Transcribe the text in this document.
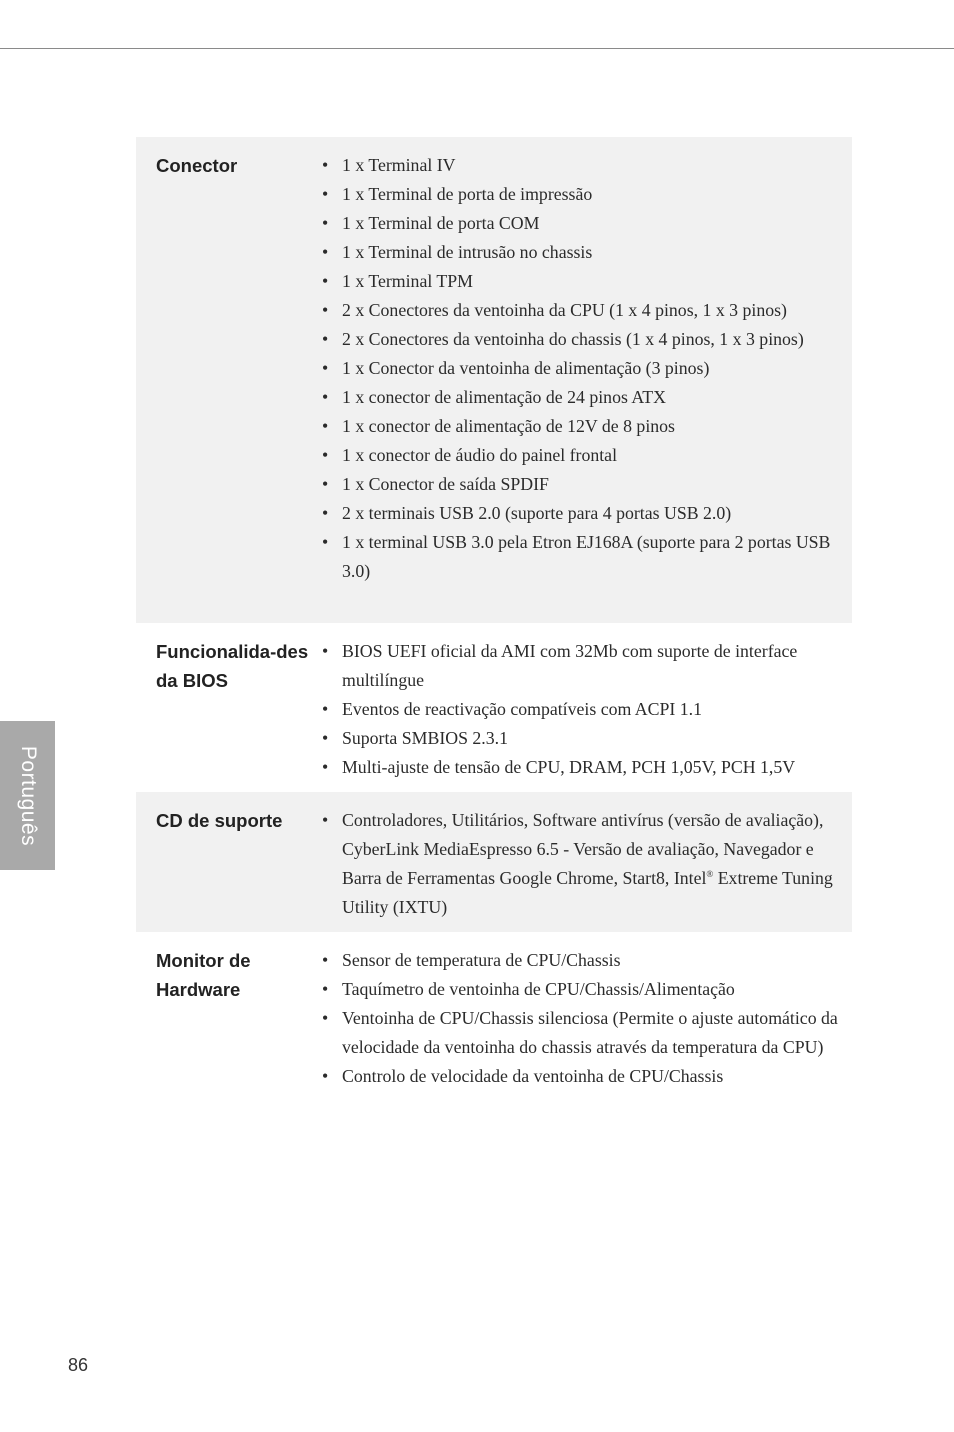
Português
Conector	• 1 x Terminal IV
• 1 x Terminal de porta de impressão
• 1 x Terminal de porta COM
• 1 x Terminal de intrusão no chassis
• 1 x Terminal TPM
• 2 x Conectores da ventoinha da CPU (1 x 4 pinos, 1 x 3 pinos)
• 2 x Conectores da ventoinha do chassis (1 x 4 pinos, 1 x 3 pinos)
• 1 x Conector da ventoinha de alimentação (3 pinos)
• 1 x conector de alimentação de 24 pinos ATX
• 1 x conector de alimentação de 12V de 8 pinos
• 1 x conector de áudio do painel frontal
• 1 x Conector de saída SPDIF
• 2 x terminais USB 2.0 (suporte para 4 portas USB 2.0)
• 1 x terminal USB 3.0 pela Etron EJ168A (suporte para 2 portas USB 3.0)
Funcionalida-des da BIOS
• BIOS UEFI oficial da AMI com 32Mb com suporte de interface multilíngue
• Eventos de reactivação compatíveis com ACPI 1.1
• Suporta SMBIOS 2.3.1
• Multi-ajuste de tensão de CPU, DRAM, PCH 1,05V, PCH 1,5V
CD de suporte	• Controladores, Utilitários, Software antivírus (versão de avaliação), CyberLink MediaEspresso 6.5 - Versão de avaliação, Navegador e Barra de Ferramentas Google Chrome, Start8, Intel® Extreme Tuning Utility (IXTU)
Monitor de Hardware
• Sensor de temperatura de CPU/Chassis
• Taquímetro de ventoinha de CPU/Chassis/Alimentação
• Ventoinha de CPU/Chassis silenciosa (Permite o ajuste automático da velocidade da ventoinha do chassis através da temperatura da CPU)
• Controlo de velocidade da ventoinha de CPU/Chassis
86
